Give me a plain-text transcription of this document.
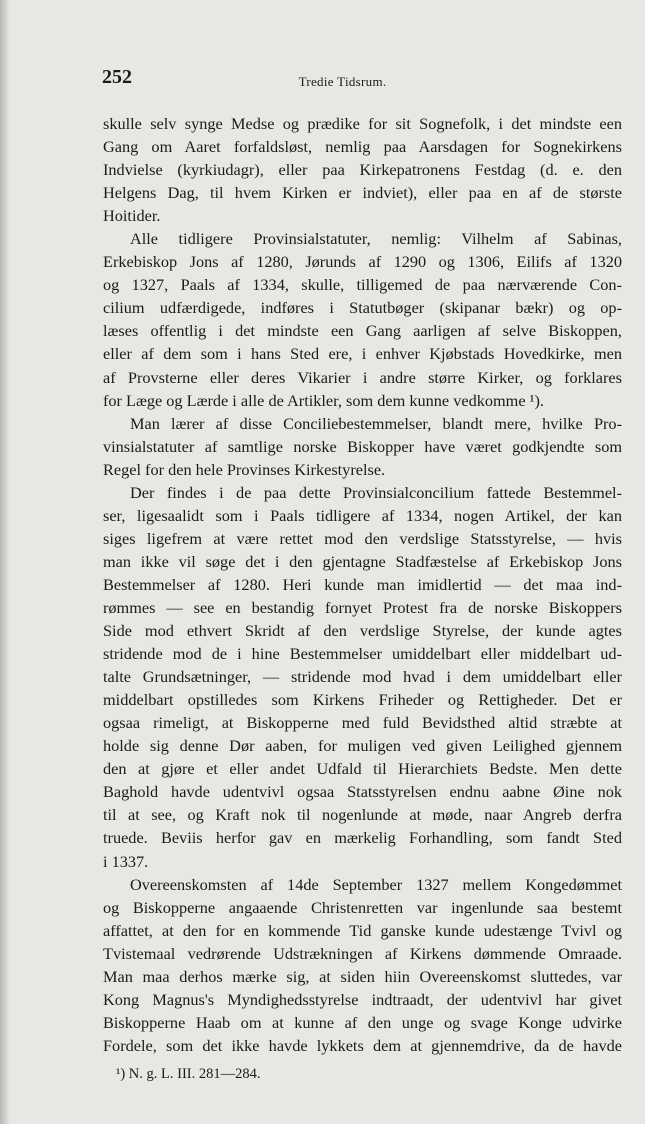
252	Tredie Tidsrum.
skulle selv synge Medse og prædike for sit Sognefolk, i det mindste een
Gang om Aaret forfaldsløst, nemlig paa Aarsdagen for Sognekirkens
Indvielse (kyrkiudagr), eller paa Kirkepatronens Festdag (d. e. den
Helgens Dag, til hvem Kirken er indviet), eller paa en af de største
Hoitider.
Alle tidligere Provinsialstatuter, nemlig: Vilhelm af Sabinas,
Erkebiskop Jons af 1280, Jørunds af 1290 og 1306, Eilifs af 1320
og 1327, Paals af 1334, skulle, tilligemed de paa nærværende Con-
cilium udfærdigede, indføres i Statutbøger (skipanar bækr) og op-
læses offentlig i det mindste een Gang aarligen af selve Biskoppen,
eller af dem som i hans Sted ere, i enhver Kjøbstads Hovedkirke, men
af Provsterne eller deres Vikarier i andre større Kirker, og forklares
for Læge og Lærde i alle de Artikler, som dem kunne vedkomme ¹).
Man lærer af disse Conciliebestemmelser, blandt mere, hvilke Pro-
vinsialstatuter af samtlige norske Biskopper have været godkjendte som
Regel for den hele Provinses Kirkestyrelse.
Der findes i de paa dette Provinsialconcilium fattede Bestemmel-
ser, ligesaalidt som i Paals tidligere af 1334, nogen Artikel, der kan
siges ligefrem at være rettet mod den verdslige Statsstyrelse, — hvis
man ikke vil søge det i den gjentagne Stadfæstelse af Erkebiskop Jons
Bestemmelser af 1280. Heri kunde man imidlertid — det maa ind-
rømmes — see en bestandig fornyet Protest fra de norske Biskoppers
Side mod ethvert Skridt af den verdslige Styrelse, der kunde agtes
stridende mod de i hine Bestemmelser umiddelbart eller middelbart ud-
talte Grundsætninger, — stridende mod hvad i dem umiddelbart eller
middelbart opstilledes som Kirkens Friheder og Rettigheder. Det er
ogsaa rimeligt, at Biskopperne med fuld Bevidsthed altid stræbte at
holde sig denne Dør aaben, for muligen ved given Leilighed gjennem
den at gjøre et eller andet Udfald til Hierarchiets Bedste. Men dette
Baghold havde udentvivl ogsaa Statsstyrelsen endnu aabne Øine nok
til at see, og Kraft nok til nogenlunde at møde, naar Angreb derfra
truede. Beviis herfor gav en mærkelig Forhandling, som fandt Sted
i 1337.
Overeenskomsten af 14de September 1327 mellem Kongedømmet
og Biskopperne angaaende Christenretten var ingenlunde saa bestemt
affattet, at den for en kommende Tid ganske kunde udestænge Tvivl og
Tvistemaal vedrørende Udstrækningen af Kirkens dømmende Omraade.
Man maa derhos mærke sig, at siden hiin Overeenskomst sluttedes, var
Kong Magnus's Myndighedsstyrelse indtraadt, der udentvivl har givet
Biskopperne Haab om at kunne af den unge og svage Konge udvirke
Fordele, som det ikke havde lykkets dem at gjennemdrive, da de havde
¹) N. g. L. III. 281—284.
